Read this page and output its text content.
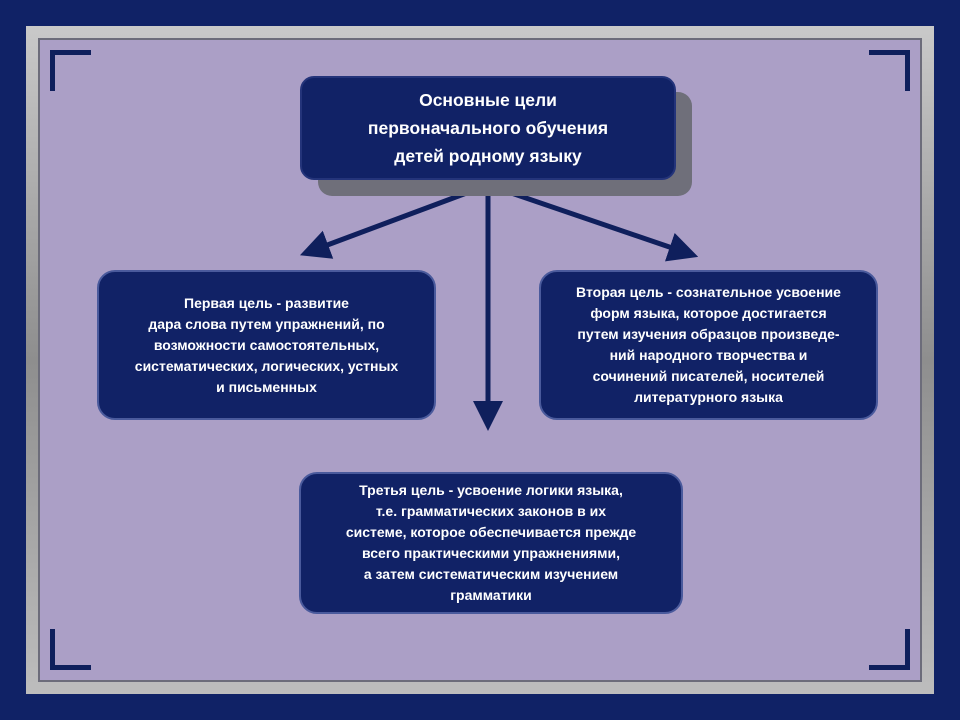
Основные цели
первоначального обучения
детей родному языку
Первая цель - развитие
дара слова путем упражнений, по
возможности самостоятельных,
систематических, логических, устных
и письменных
Вторая цель - сознательное усвоение
форм языка, которое достигается
путем изучения образцов произведе-
ний народного творчества и
сочинений писателей, носителей
литературного языка
Третья цель - усвоение логики языка,
т.е. грамматических законов в их
системе, которое обеспечивается прежде
всего практическими упражнениями,
а затем систематическим изучением
грамматики
